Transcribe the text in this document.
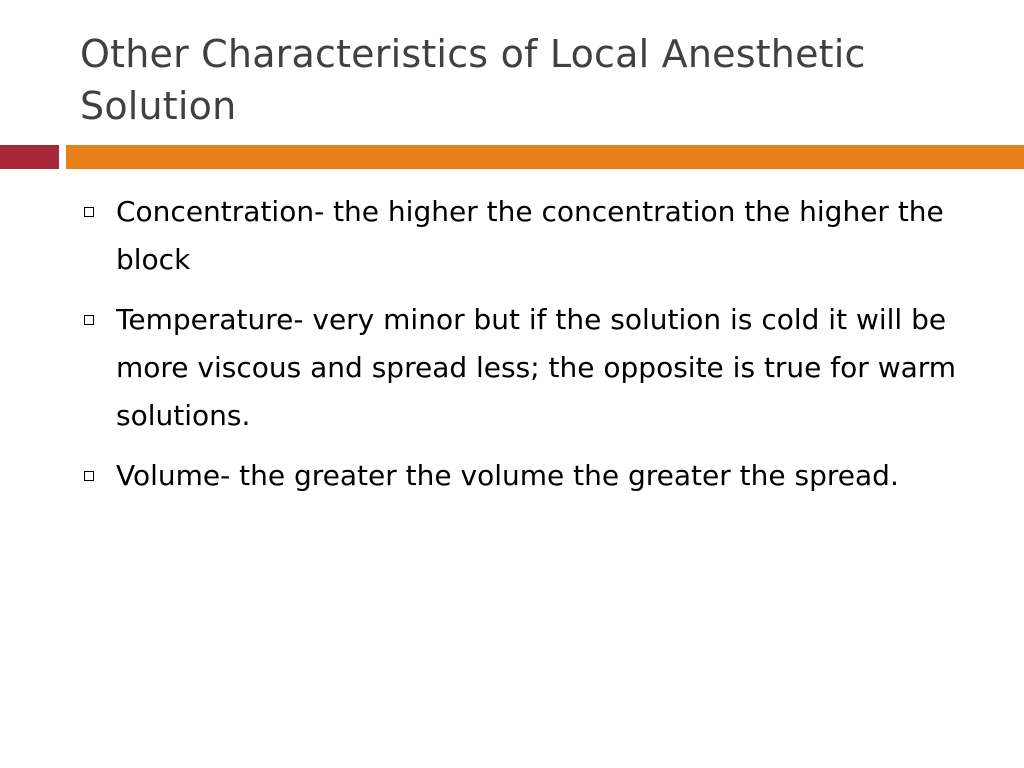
Other Characteristics of Local Anesthetic Solution
Concentration- the higher the concentration the higher the block
Temperature- very minor but if the solution is cold it will be more viscous and spread less; the opposite is true for warm solutions.
Volume- the greater the volume the greater the spread.
